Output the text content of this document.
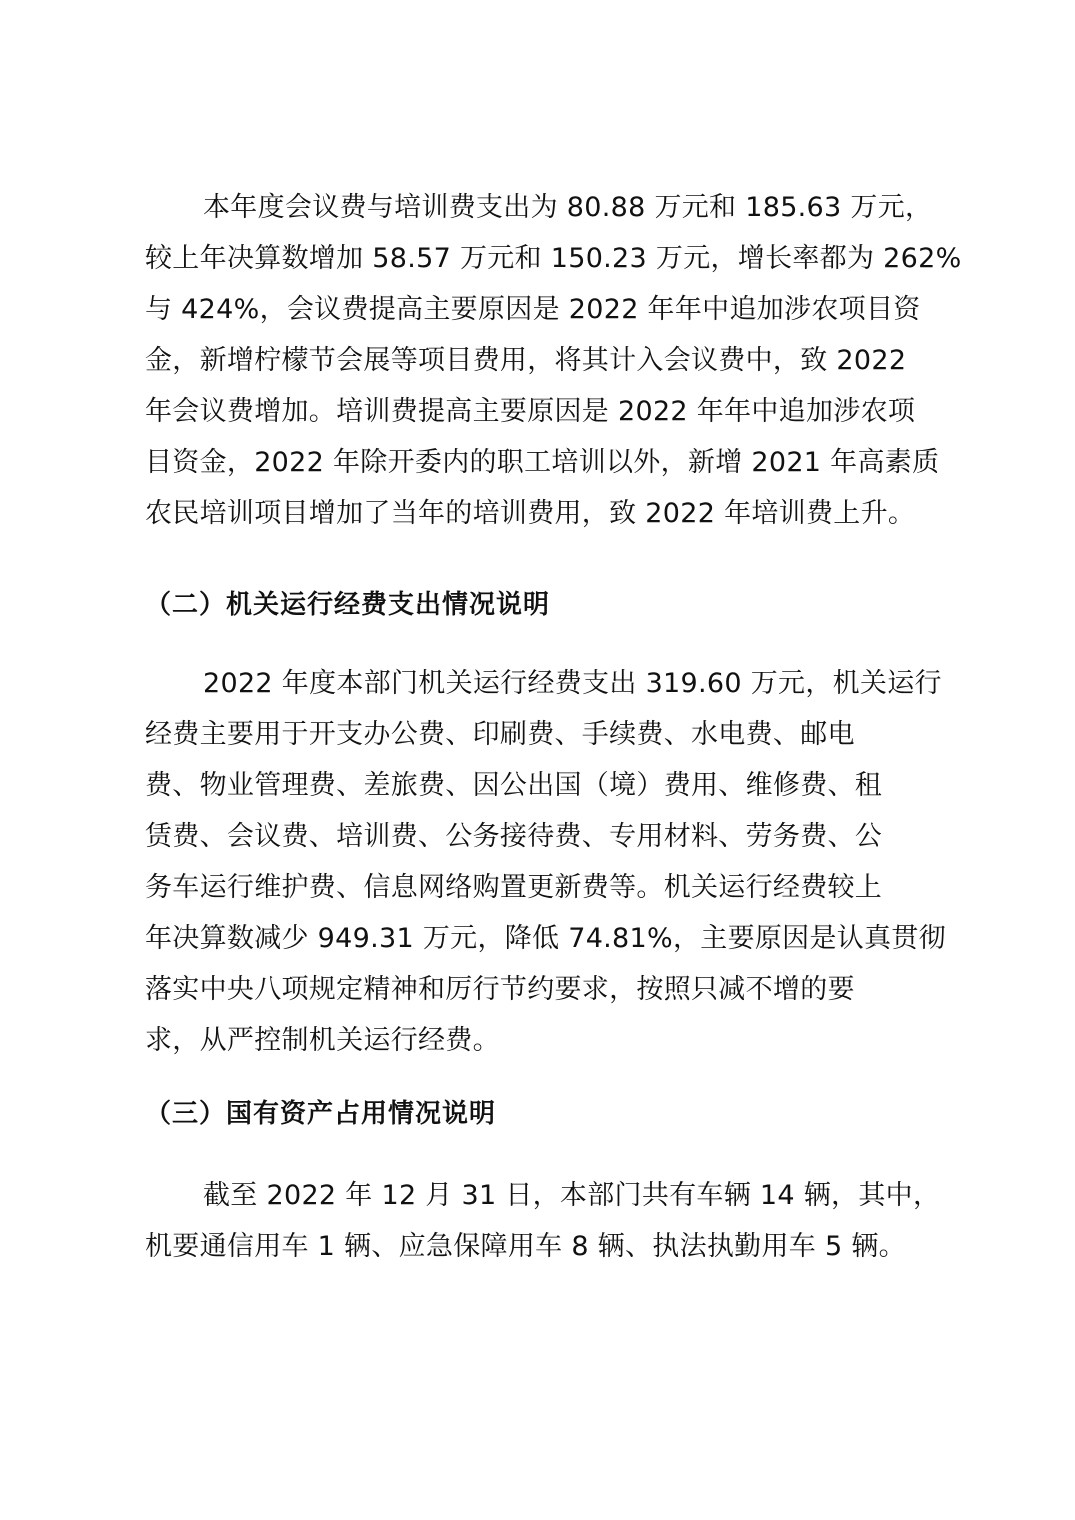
本年度会议费与培训费支出为 80.88 万元和 185.63 万元，
较上年决算数增加 58.57 万元和 150.23 万元，增长率都为 262%
与 424%，会议费提高主要原因是 2022 年年中追加涉农项目资
金，新增柠檬节会展等项目费用，将其计入会议费中，致 2022
年会议费增加。培训费提高主要原因是 2022 年年中追加涉农项
目资金，2022 年除开委内的职工培训以外，新增 2021 年高素质
农民培训项目增加了当年的培训费用，致 2022 年培训费上升。

（二）机关运行经费支出情况说明

2022 年度本部门机关运行经费支出 319.60 万元，机关运行
经费主要用于开支办公费、印刷费、手续费、水电费、邮电
费、物业管理费、差旅费、因公出国（境）费用、维修费、租
赁费、会议费、培训费、公务接待费、专用材料、劳务费、公
务车运行维护费、信息网络购置更新费等。机关运行经费较上
年决算数减少 949.31 万元，降低 74.81%，主要原因是认真贯彻
落实中央八项规定精神和厉行节约要求，按照只减不增的要
求，从严控制机关运行经费。

（三）国有资产占用情况说明

截至 2022 年 12 月 31 日，本部门共有车辆 14 辆，其中，
机要通信用车 1 辆、应急保障用车 8 辆、执法执勤用车 5 辆。
